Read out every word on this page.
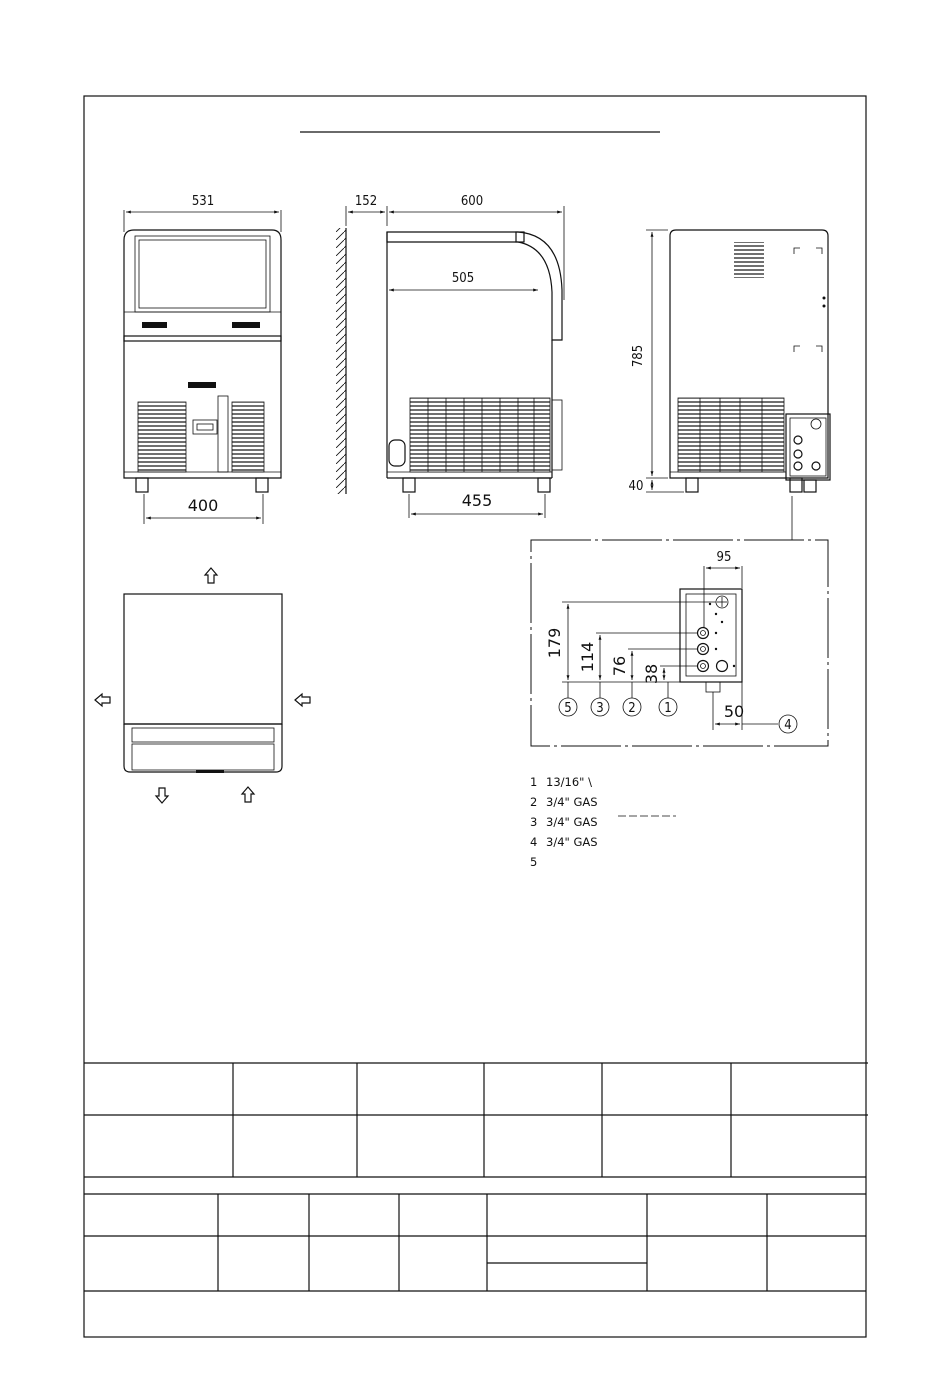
531
400
152	600
505
455
785
40
95
179 114 76 38
50
5 3 2 1
4
1 13/16" \
2 3/4" GAS
3 3/4" GAS
4 3/4" GAS
5
